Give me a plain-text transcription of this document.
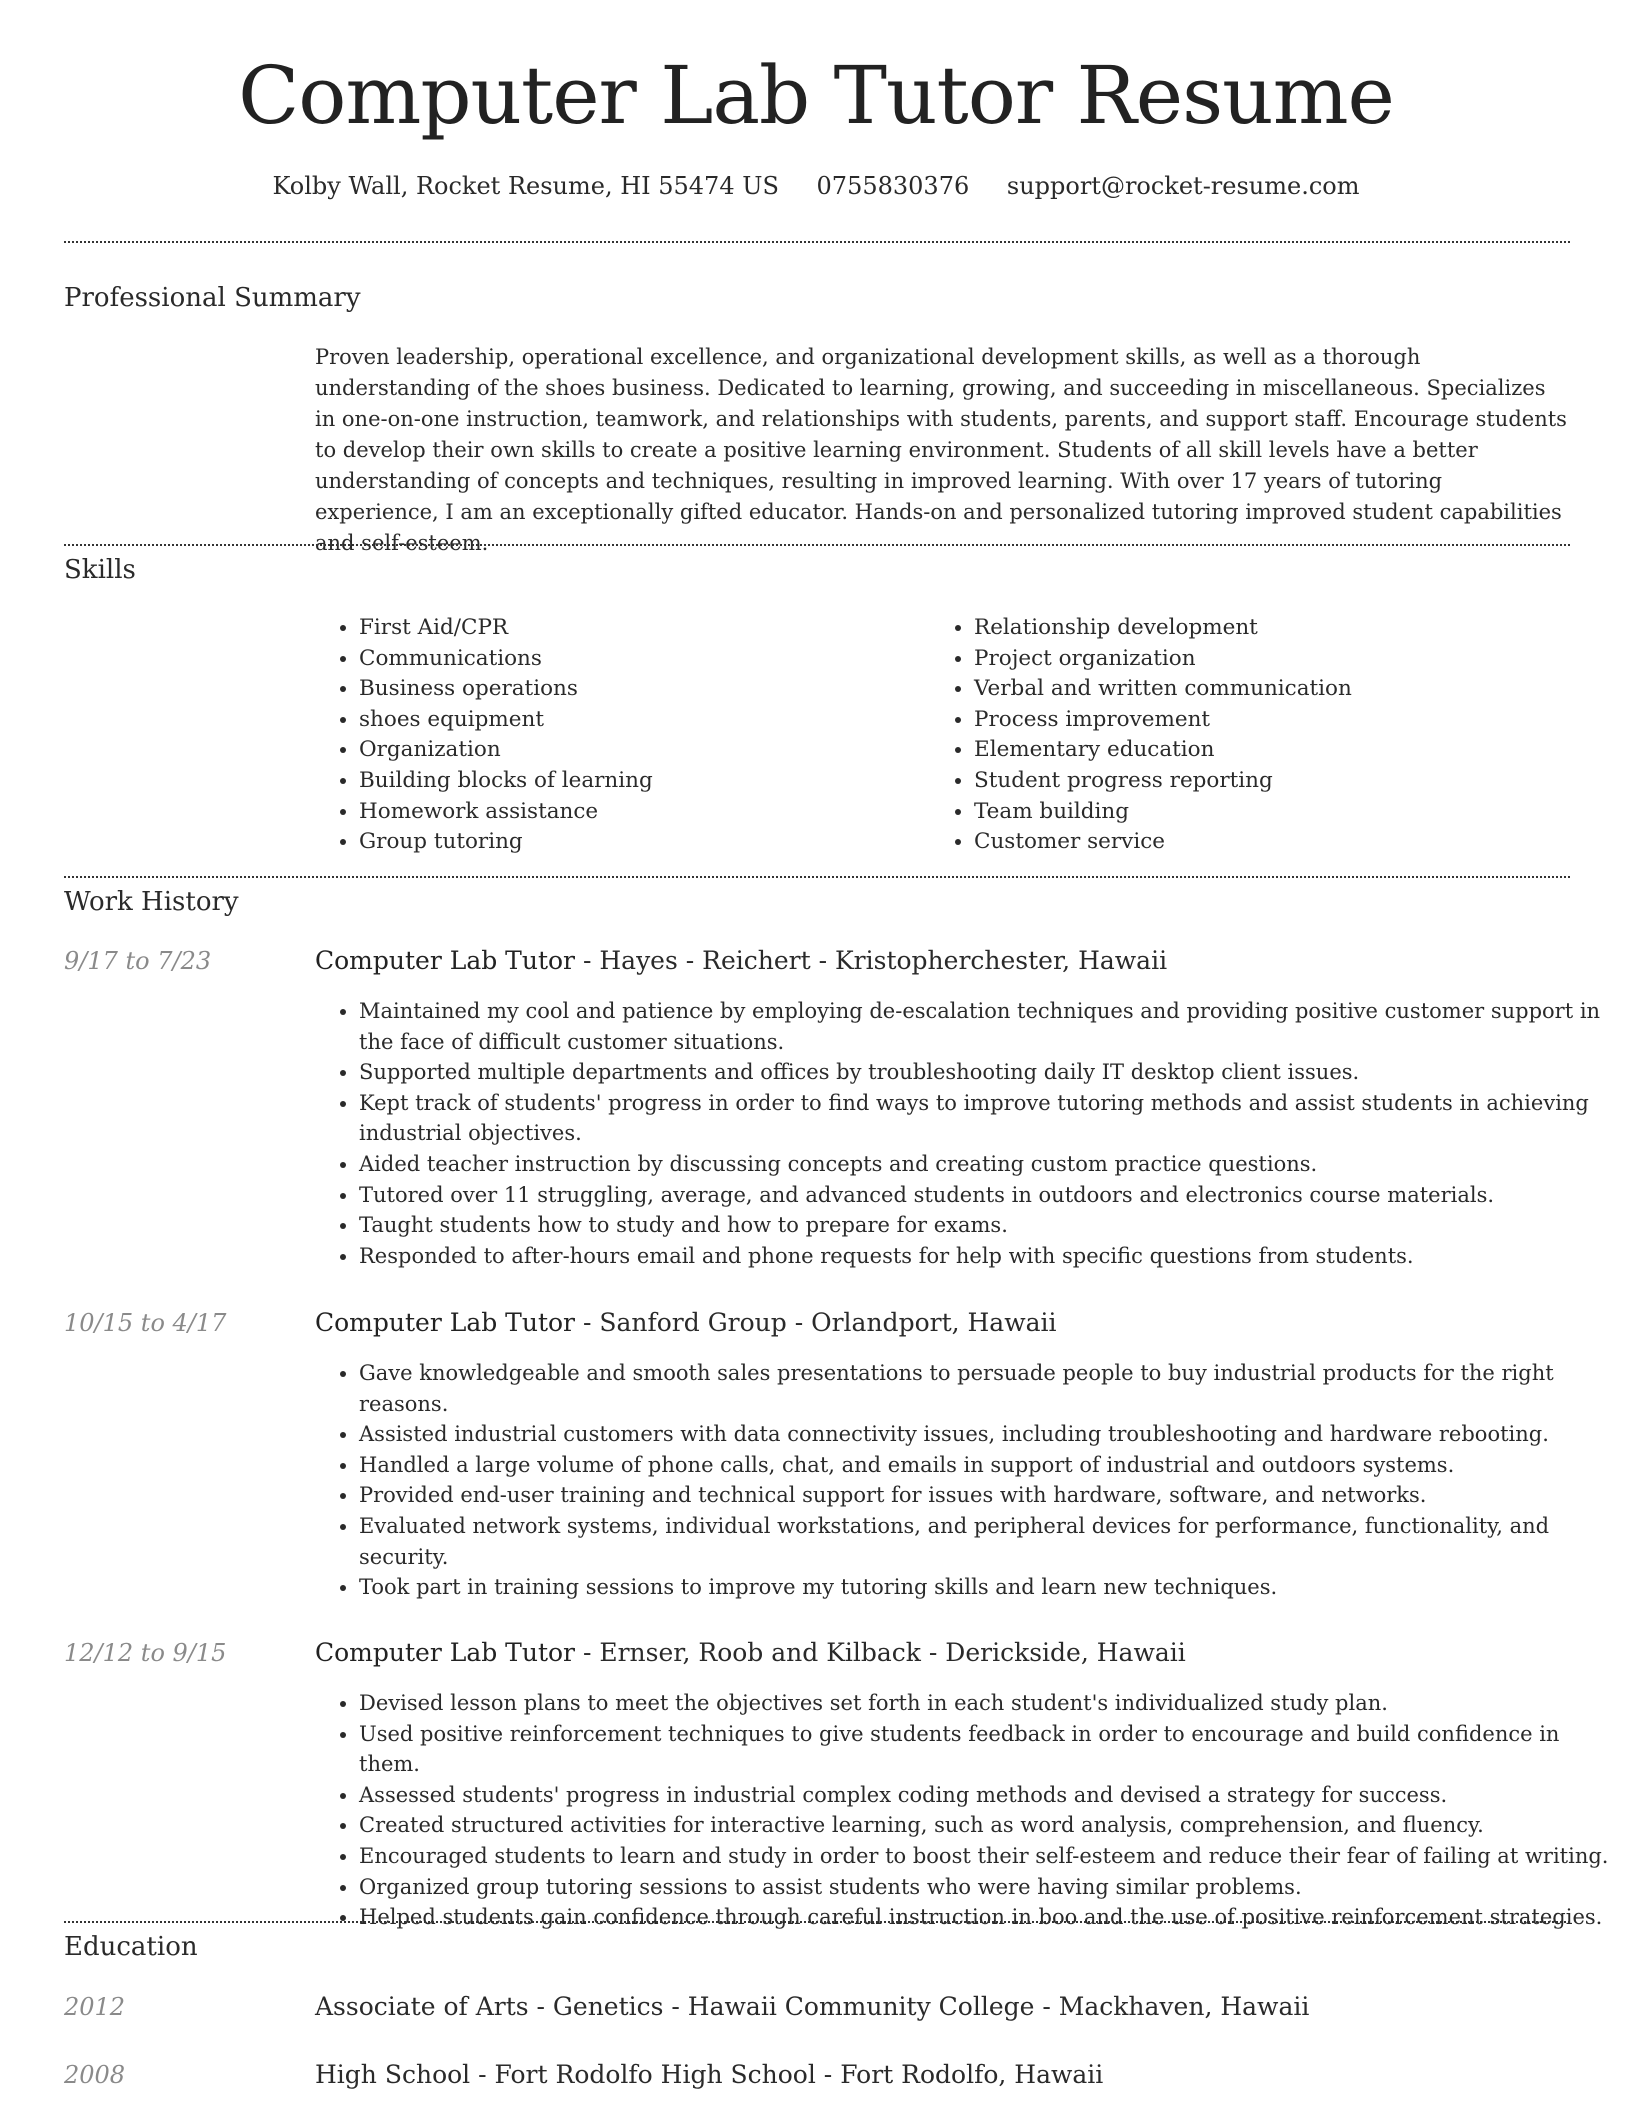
Computer Lab Tutor Resume
Kolby Wall, Rocket Resume, HI 55474 US 0755830376 support@rocket-resume.com
Professional Summary
Proven leadership, operational excellence, and organizational development skills, as well as a thorough understanding of the shoes business. Dedicated to learning, growing, and succeeding in miscellaneous. Specializes in one-on-one instruction, teamwork, and relationships with students, parents, and support staff. Encourage students to develop their own skills to create a positive learning environment. Students of all skill levels have a better understanding of concepts and techniques, resulting in improved learning. With over 17 years of tutoring experience, I am an exceptionally gifted educator. Hands-on and personalized tutoring improved student capabilities and self-esteem.
Skills
• First Aid/CPR
• Communications
• Business operations
• shoes equipment
• Organization
• Building blocks of learning
• Homework assistance
• Group tutoring
• Relationship development
• Project organization
• Verbal and written communication
• Process improvement
• Elementary education
• Student progress reporting
• Team building
• Customer service
Work History
9/17 to 7/23	Computer Lab Tutor - Hayes - Reichert - Kristopherchester, Hawaii
• Maintained my cool and patience by employing de-escalation techniques and providing positive customer support in the face of difficult customer situations.
• Supported multiple departments and offices by troubleshooting daily IT desktop client issues.
• Kept track of students' progress in order to find ways to improve tutoring methods and assist students in achieving industrial objectives.
• Aided teacher instruction by discussing concepts and creating custom practice questions.
• Tutored over 11 struggling, average, and advanced students in outdoors and electronics course materials.
• Taught students how to study and how to prepare for exams.
• Responded to after-hours email and phone requests for help with specific questions from students.
10/15 to 4/17	Computer Lab Tutor - Sanford Group - Orlandport, Hawaii
• Gave knowledgeable and smooth sales presentations to persuade people to buy industrial products for the right reasons.
• Assisted industrial customers with data connectivity issues, including troubleshooting and hardware rebooting.
• Handled a large volume of phone calls, chat, and emails in support of industrial and outdoors systems.
• Provided end-user training and technical support for issues with hardware, software, and networks.
• Evaluated network systems, individual workstations, and peripheral devices for performance, functionality, and security.
• Took part in training sessions to improve my tutoring skills and learn new techniques.
12/12 to 9/15	Computer Lab Tutor - Ernser, Roob and Kilback - Derickside, Hawaii
• Devised lesson plans to meet the objectives set forth in each student's individualized study plan.
• Used positive reinforcement techniques to give students feedback in order to encourage and build confidence in them.
• Assessed students' progress in industrial complex coding methods and devised a strategy for success.
• Created structured activities for interactive learning, such as word analysis, comprehension, and fluency.
• Encouraged students to learn and study in order to boost their self-esteem and reduce their fear of failing at writing.
• Organized group tutoring sessions to assist students who were having similar problems.
• Helped students gain confidence through careful instruction in boo and the use of positive reinforcement strategies.
Education
2012	Associate of Arts - Genetics - Hawaii Community College - Mackhaven, Hawaii
2008	High School - Fort Rodolfo High School - Fort Rodolfo, Hawaii
